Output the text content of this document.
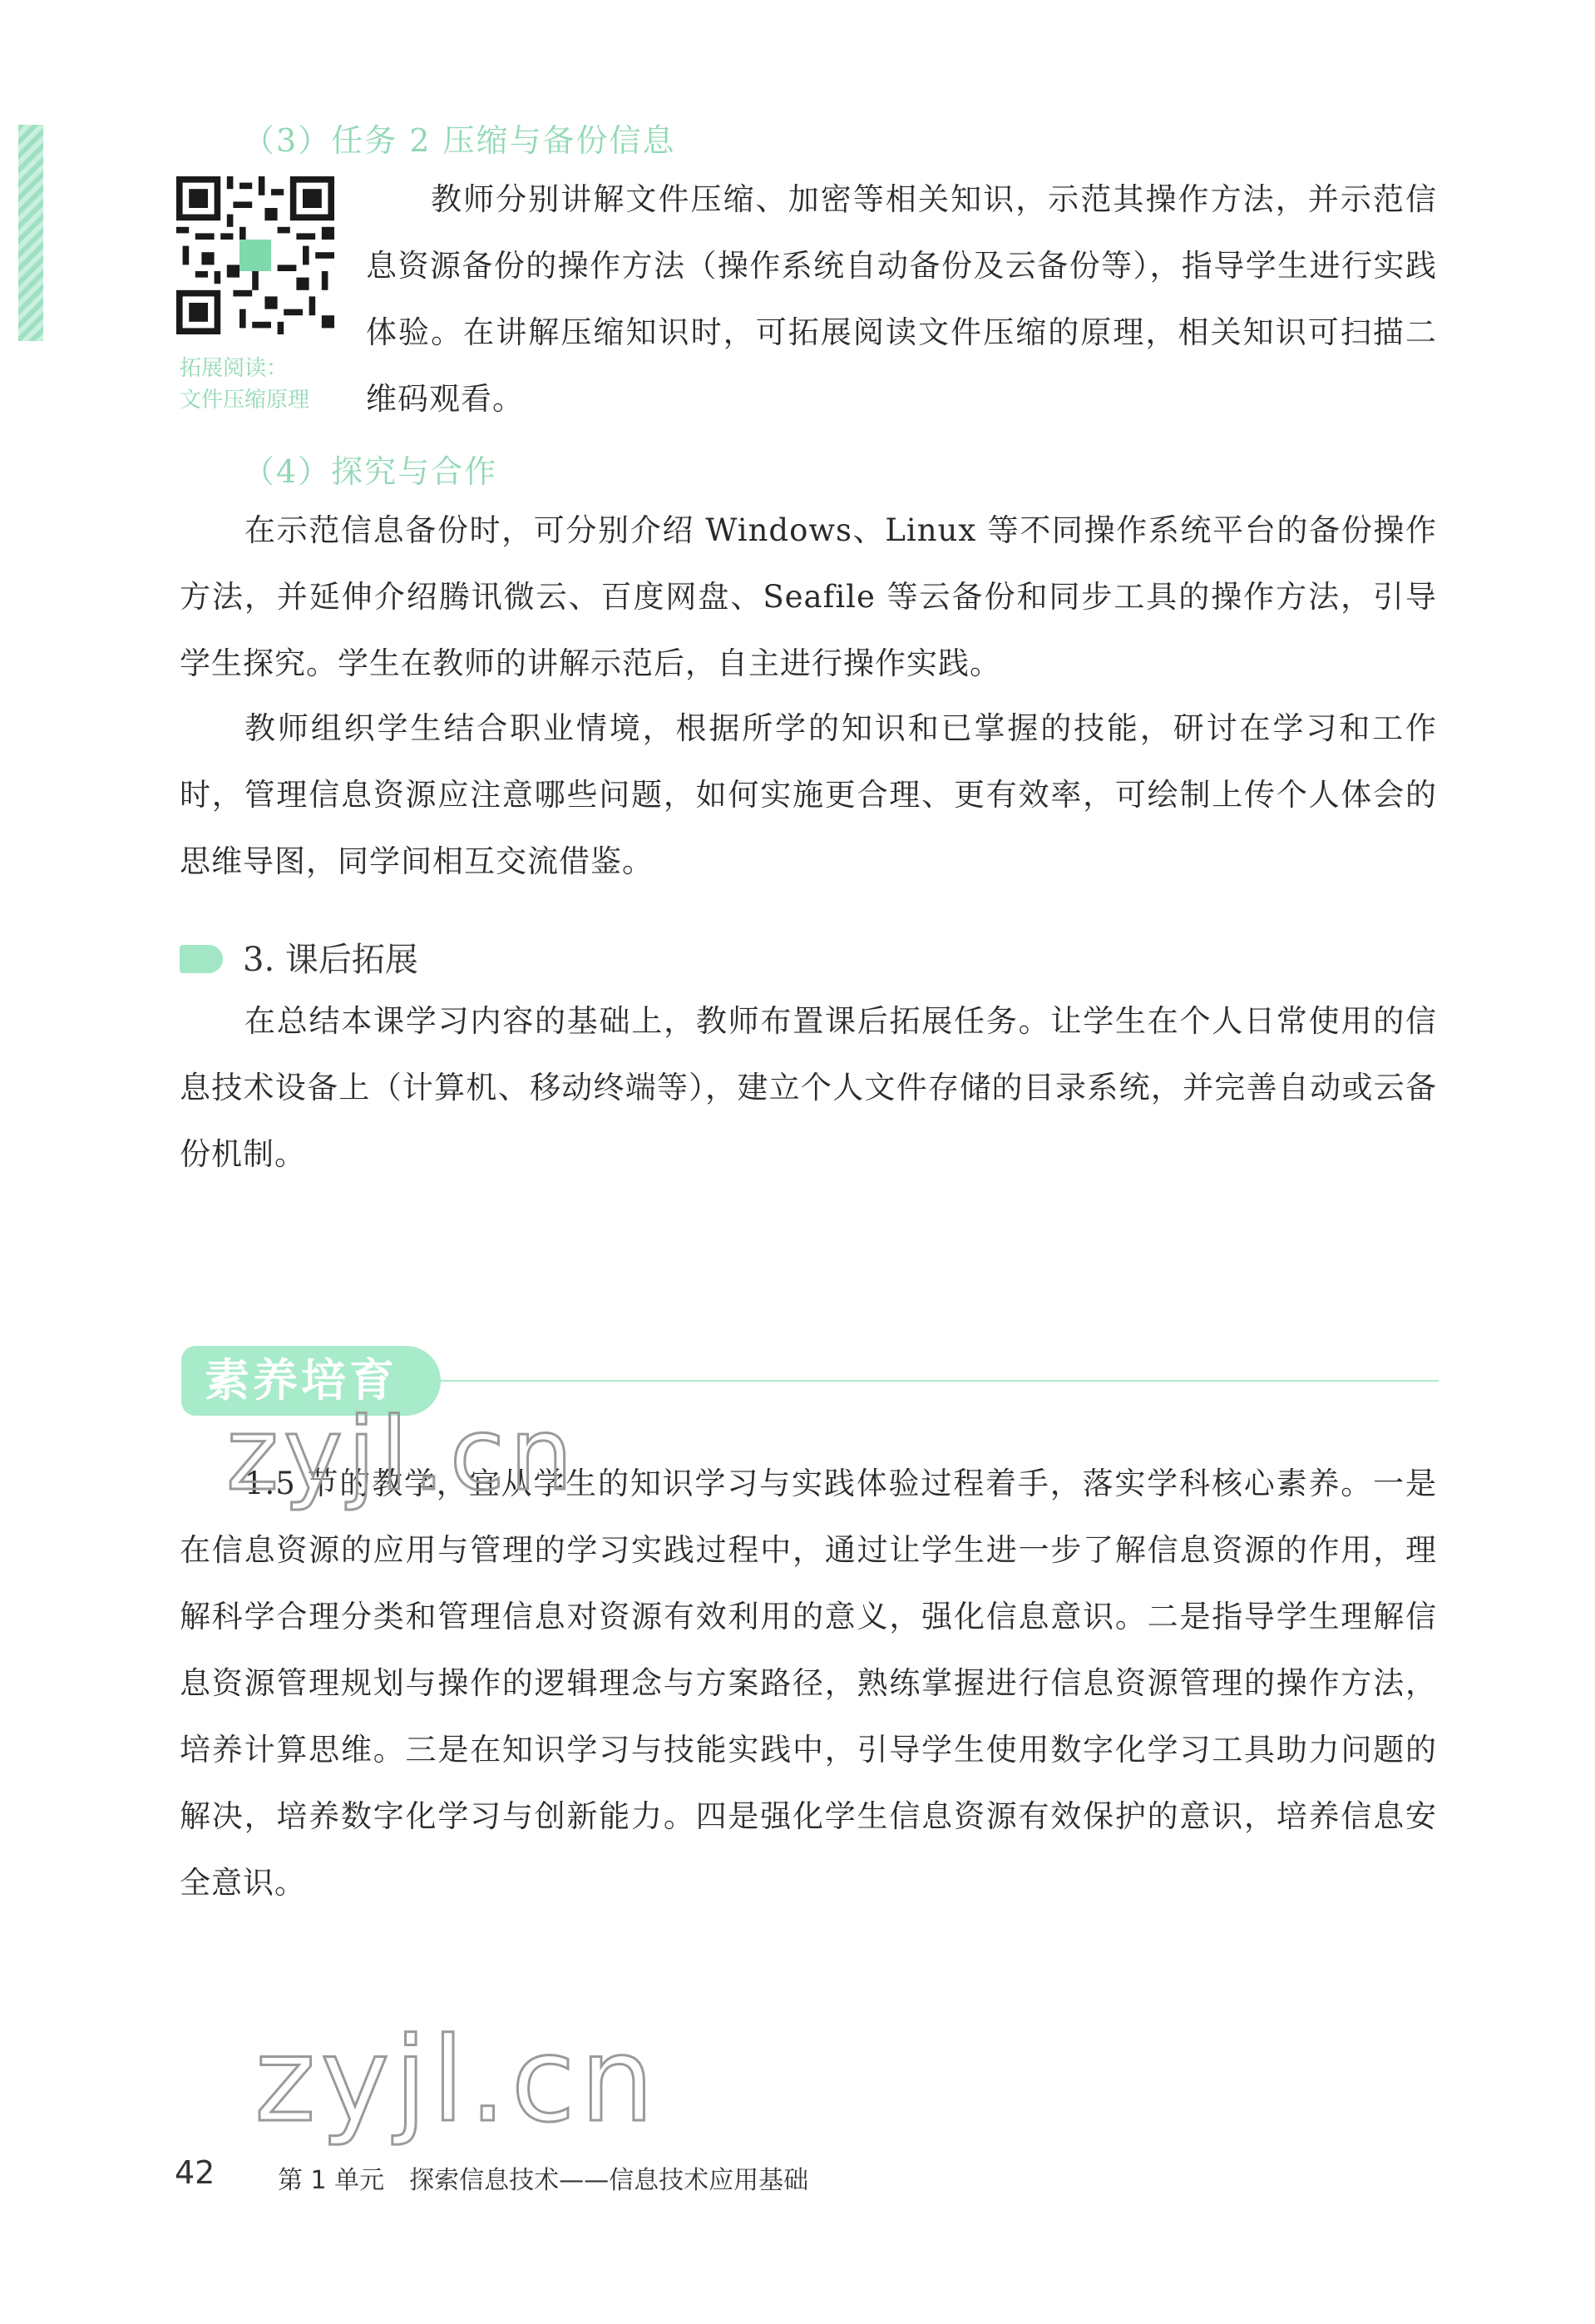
（3）任务 2 压缩与备份信息
拓展阅读：
文件压缩原理
教师分别讲解文件压缩、加密等相关知识，示范其操作方法，并示范信息资源备份的操作方法（操作系统自动备份及云备份等），指导学生进行实践体验。在讲解压缩知识时，可拓展阅读文件压缩的原理，相关知识可扫描二维码观看。
（4）探究与合作
在示范信息备份时，可分别介绍 Windows、Linux 等不同操作系统平台的备份操作方法，并延伸介绍腾讯微云、百度网盘、Seafile 等云备份和同步工具的操作方法，引导学生探究。学生在教师的讲解示范后，自主进行操作实践。
教师组织学生结合职业情境，根据所学的知识和已掌握的技能，研讨在学习和工作时，管理信息资源应注意哪些问题，如何实施更合理、更有效率，可绘制上传个人体会的思维导图，同学间相互交流借鉴。
3. 课后拓展
在总结本课学习内容的基础上，教师布置课后拓展任务。让学生在个人日常使用的信息技术设备上（计算机、移动终端等），建立个人文件存储的目录系统，并完善自动或云备份机制。
素养培育
1.5 节的教学，宜从学生的知识学习与实践体验过程着手，落实学科核心素养。一是在信息资源的应用与管理的学习实践过程中，通过让学生进一步了解信息资源的作用，理解科学合理分类和管理信息对资源有效利用的意义，强化信息意识。二是指导学生理解信息资源管理规划与操作的逻辑理念与方案路径，熟练掌握进行信息资源管理的操作方法，培养计算思维。三是在知识学习与技能实践中，引导学生使用数字化学习工具助力问题的解决，培养数字化学习与创新能力。四是强化学生信息资源有效保护的意识，培养信息安全意识。
zyjl.cn
zyjl.cn
42	第 1 单元　探索信息技术——信息技术应用基础
